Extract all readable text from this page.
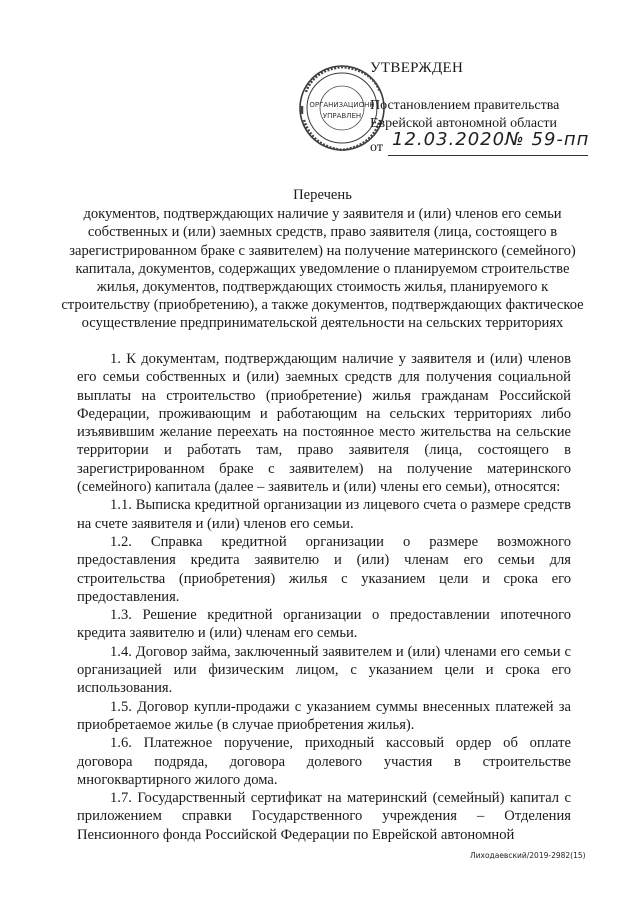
ОРГАНИЗАЦИОНН
УПРАВЛЕН
УТВЕРЖДЕН
Постановлением правительства
Еврейской автономной области
от 12.03.2020№ 59-пп
Перечень
документов, подтверждающих наличие у заявителя и (или) членов его семьи собственных и (или) заемных средств, право заявителя (лица, состоящего в зарегистрированном браке с заявителем) на получение материнского (семейного) капитала, документов, содержащих уведомление о планируемом строительстве жилья, документов, подтверждающих стоимость жилья, планируемого к строительству (приобретению), а также документов, подтверждающих фактическое осуществление предпринимательской деятельности на сельских территориях

1. К документам, подтверждающим наличие у заявителя и (или) членов его семьи собственных и (или) заемных средств для получения социальной выплаты на строительство (приобретение) жилья гражданам Российской Федерации, проживающим и работающим на сельских территориях либо изъявившим желание переехать на постоянное место жительства на сельские территории и работать там, право заявителя (лица, состоящего в зарегистрированном браке с заявителем) на получение материнского (семейного) капитала (далее – заявитель и (или) члены его семьи), относятся:

1.1. Выписка кредитной организации из лицевого счета о размере средств на счете заявителя и (или) членов его семьи.

1.2. Справка кредитной организации о размере возможного предоставления кредита заявителю и (или) членам его семьи для строительства (приобретения) жилья с указанием цели и срока его предоставления.

1.3. Решение кредитной организации о предоставлении ипотечного кредита заявителю и (или) членам его семьи.

1.4. Договор займа, заключенный заявителем и (или) членами его семьи с организацией или физическим лицом, с указанием цели и срока его использования.

1.5. Договор купли-продажи с указанием суммы внесенных платежей за приобретаемое жилье (в случае приобретения жилья).

1.6. Платежное поручение, приходный кассовый ордер об оплате договора подряда, договора долевого участия в строительстве многоквартирного жилого дома.

1.7. Государственный сертификат на материнский (семейный) капитал с приложением справки Государственного учреждения – Отделения Пенсионного фонда Российской Федерации по Еврейской автономной

Лиходаевский/2019-2982(15)
